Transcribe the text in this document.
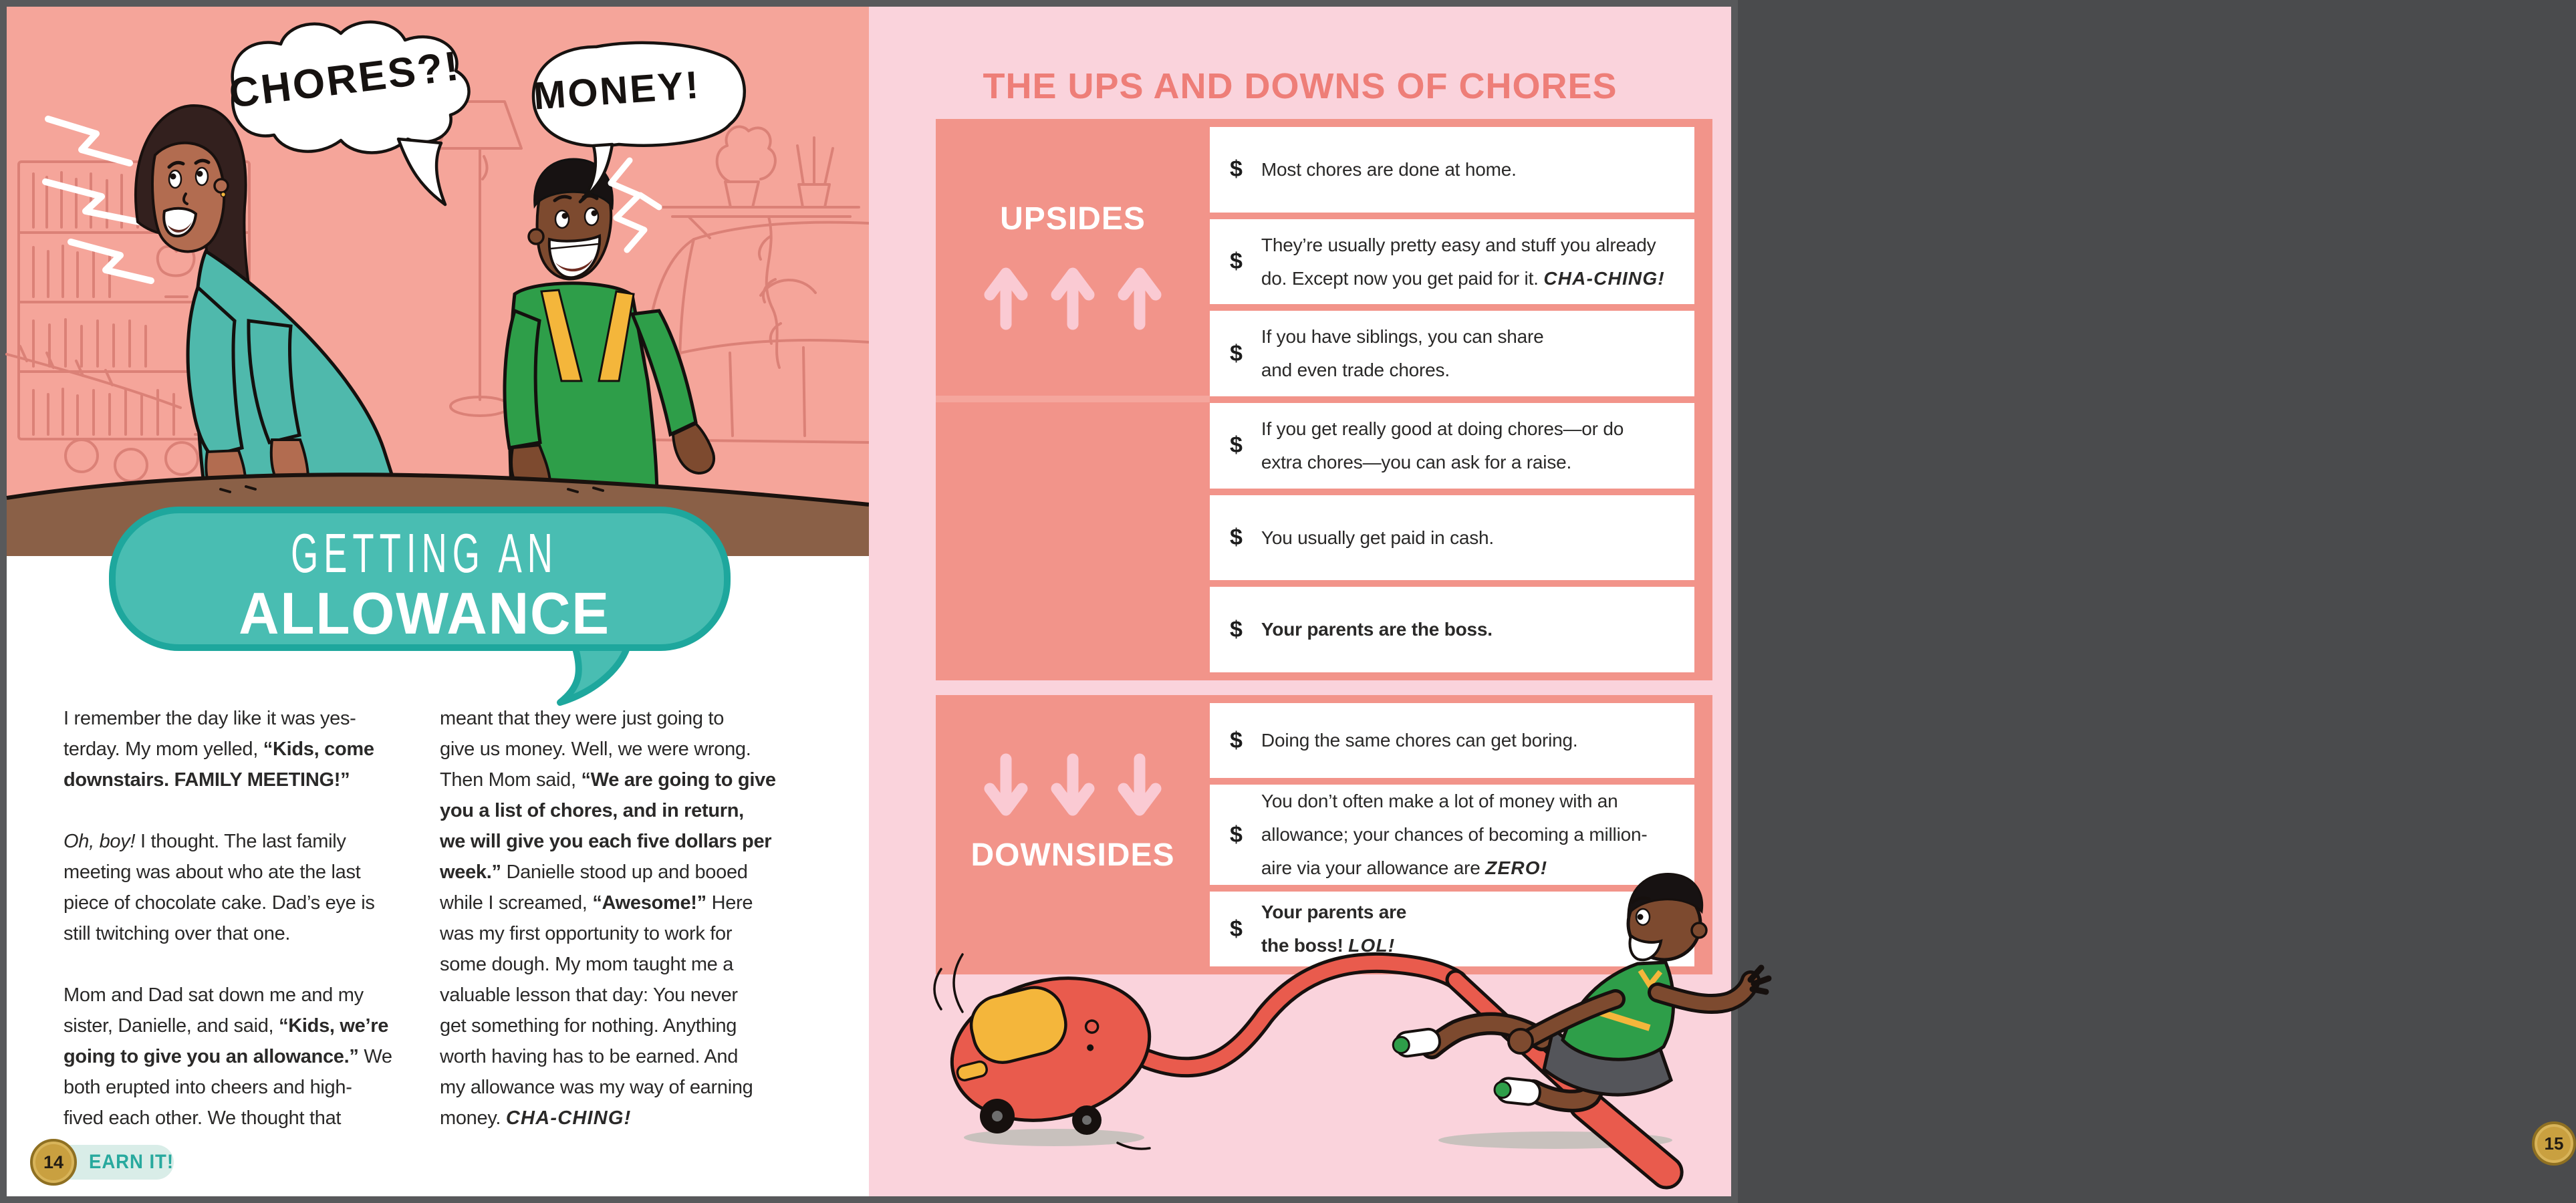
CHORES?! MONEY!
GETTING AN
ALLOWANCE
I remember the day like it was yes-
terday. My mom yelled, “Kids, come
downstairs. FAMILY MEETING!”
Oh, boy! I thought. The last family
meeting was about who ate the last
piece of chocolate cake. Dad’s eye is
still twitching over that one.
Mom and Dad sat down me and my
sister, Danielle, and said, “Kids, we’re
going to give you an allowance.” We
both erupted into cheers and high-
fived each other. We thought that
meant that they were just going to
give us money. Well, we were wrong.
Then Mom said, “We are going to give
you a list of chores, and in return,
we will give you each five dollars per
week.” Danielle stood up and booed
while I screamed, “Awesome!” Here
was my first opportunity to work for
some dough. My mom taught me a
valuable lesson that day: You never
get something for nothing. Anything
worth having has to be earned. And
my allowance was my way of earning
money. CHA-CHING!
EARN IT!
14
THE UPS AND DOWNS OF CHORES
UPSIDES
$ Most chores are done at home.
$
They’re usually pretty easy and stuff you already
do. Except now you get paid for it. CHA-CHING!
$
If you have siblings, you can share
and even trade chores.
$
If you get really good at doing chores—or do
extra chores—you can ask for a raise.
$ You usually get paid in cash.
$ Your parents are the boss.
DOWNSIDES
$ Doing the same chores can get boring.
$
You don’t often make a lot of money with an
allowance; your chances of becoming a million-
aire via your allowance are ZERO!
$
Your parents are
the boss! LOL!
15
